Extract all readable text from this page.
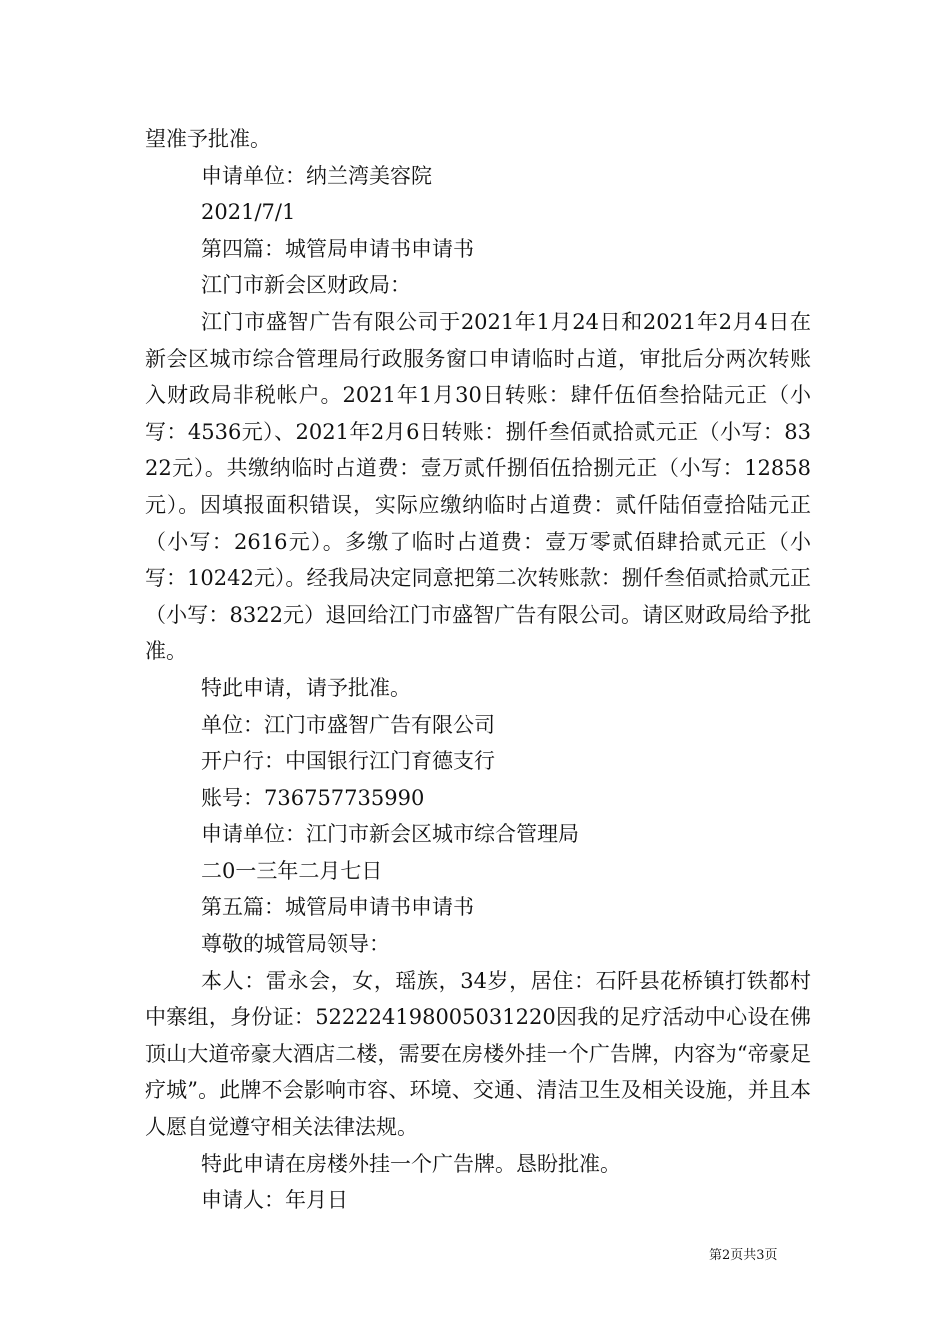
望准予批准。

申请单位：纳兰湾美容院

2021/7/1

第四篇：城管局申请书申请书

江门市新会区财政局：

江门市盛智广告有限公司于2021年1月24日和2021年2月4日在新会区城市综合管理局行政服务窗口申请临时占道，审批后分两次转账入财政局非税帐户。2021年1月30日转账：肆仟伍佰叁拾陆元正（小写：4536元）、2021年2月6日转账：捌仟叁佰贰拾贰元正（小写：8322元）。共缴纳临时占道费：壹万贰仟捌佰伍拾捌元正（小写：12858元）。因填报面积错误，实际应缴纳临时占道费：贰仟陆佰壹拾陆元正（小写：2616元）。多缴了临时占道费：壹万零贰佰肆拾贰元正（小写：10242元）。经我局决定同意把第二次转账款：捌仟叁佰贰拾贰元正（小写：8322元）退回给江门市盛智广告有限公司。请区财政局给予批准。

特此申请，请予批准。

单位：江门市盛智广告有限公司

开户行：中国银行江门育德支行

账号：736757735990

申请单位：江门市新会区城市综合管理局

二0一三年二月七日

第五篇：城管局申请书申请书

尊敬的城管局领导：

本人：雷永会，女，瑶族，34岁，居住：石阡县花桥镇打铁都村中寨组，身份证：522224198005031220因我的足疗活动中心设在佛顶山大道帝豪大酒店二楼，需要在房楼外挂一个广告牌，内容为“帝豪足疗城”。此牌不会影响市容、环境、交通、清洁卫生及相关设施，并且本人愿自觉遵守相关法律法规。

特此申请在房楼外挂一个广告牌。恳盼批准。

申请人：年月日

第2页共3页
